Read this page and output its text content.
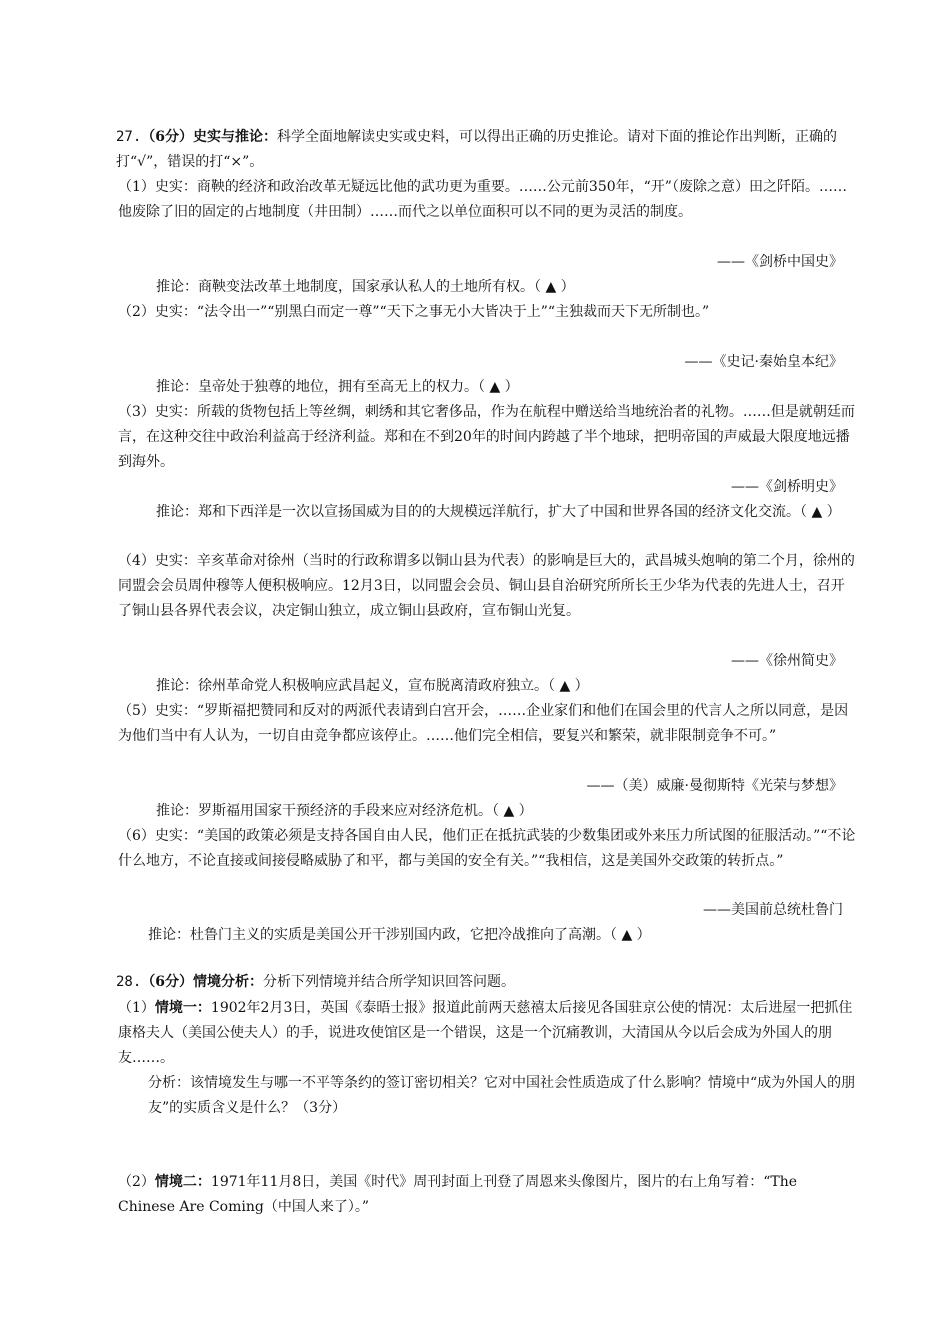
27.（6分）史实与推论：科学全面地解读史实或史料，可以得出正确的历史推论。请对下面的推论作出判断，正确的打“√”，错误的打“×”。
（1）史实：商鞅的经济和政治改革无疑远比他的武功更为重要。……公元前350年，“开”（废除之意）田之阡陌。……他废除了旧的固定的占地制度（井田制）……而代之以单位面积可以不同的更为灵活的制度。
——《剑桥中国史》
推论：商鞅变法改革土地制度，国家承认私人的土地所有权。（ ▲ ）
（2）史实：“法令出一”“别黑白而定一尊”“天下之事无小大皆决于上”“主独裁而天下无所制也。”
——《史记·秦始皇本纪》
推论：皇帝处于独尊的地位，拥有至高无上的权力。（ ▲ ）
（3）史实：所载的货物包括上等丝绸，刺绣和其它奢侈品，作为在航程中赠送给当地统治者的礼物。……但是就朝廷而言，在这种交往中政治利益高于经济利益。郑和在不到20年的时间内跨越了半个地球，把明帝国的声威最大限度地远播到海外。
——《剑桥明史》
推论：郑和下西洋是一次以宣扬国威为目的的大规模远洋航行，扩大了中国和世界各国的经济文化交流。（ ▲ ）
（4）史实：辛亥革命对徐州（当时的行政称谓多以铜山县为代表）的影响是巨大的，武昌城头炮响的第二个月，徐州的同盟会会员周仲穆等人便积极响应。12月3日，以同盟会会员、铜山县自治研究所所长王少华为代表的先进人士，召开了铜山县各界代表会议，决定铜山独立，成立铜山县政府，宣布铜山光复。
——《徐州简史》
推论：徐州革命党人积极响应武昌起义，宣布脱离清政府独立。（ ▲ ）
（5）史实：“罗斯福把赞同和反对的两派代表请到白宫开会，……企业家们和他们在国会里的代言人之所以同意，是因为他们当中有人认为，一切自由竞争都应该停止。……他们完全相信，要复兴和繁荣，就非限制竞争不可。”
——（美）威廉·曼彻斯特《光荣与梦想》
推论：罗斯福用国家干预经济的手段来应对经济危机。（ ▲ ）
（6）史实：“美国的政策必须是支持各国自由人民，他们正在抵抗武装的少数集团或外来压力所试图的征服活动。”“不论什么地方，不论直接或间接侵略威胁了和平，都与美国的安全有关。”“我相信，这是美国外交政策的转折点。”
——美国前总统杜鲁门
推论：杜鲁门主义的实质是美国公开干涉别国内政，它把冷战推向了高潮。（ ▲ ）
28.（6分）情境分析：分析下列情境并结合所学知识回答问题。
（1）情境一：1902年2月3日，英国《泰晤士报》报道此前两天慈禧太后接见各国驻京公使的情况：太后进屋一把抓住康格夫人（美国公使夫人）的手，说进攻使馆区是一个错误，这是一个沉痛教训，大清国从今以后会成为外国人的朋友……。
分析：该情境发生与哪一不平等条约的签订密切相关？它对中国社会性质造成了什么影响？情境中“成为外国人的朋友”的实质含义是什么？（3分）
（2）情境二：1971年11月8日，美国《时代》周刊封面上刊登了周恩来头像图片，图片的右上角写着：“The Chinese Are Coming（中国人来了）。”
